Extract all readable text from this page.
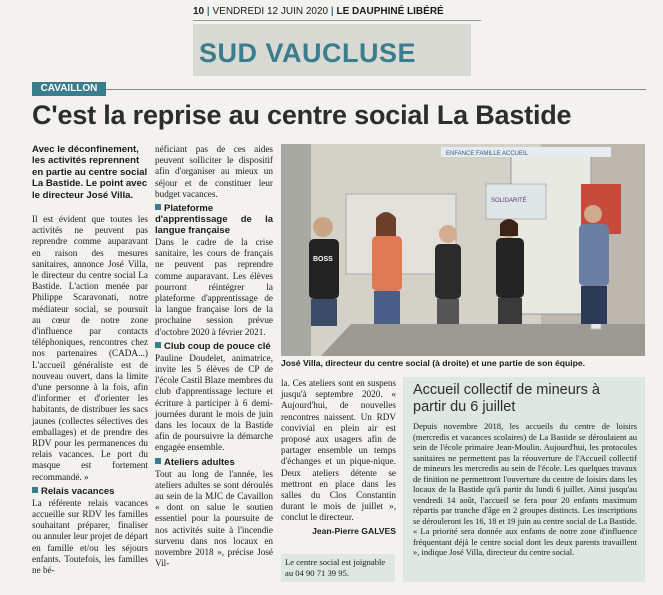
10 | VENDREDI 12 JUIN 2020 | LE DAUPHINÉ LIBÉRÉ
SUD VAUCLUSE
CAVAILLON
C'est la reprise au centre social La Bastide
Avec le déconfinement, les activités reprennent en partie au centre social La Bastide. Le point avec le directeur José Villa.

Il est évident que toutes les activités ne peuvent pas reprendre comme auparavant en raison des mesures sanitaires, annonce José Villa, le directeur du centre social La Bastide. L'action menée par Philippe Scaravonati, notre médiateur social, se poursuit au cœur de notre zone d'influence par contacts téléphoniques, rencontres chez nos partenaires (CADA...) L'accueil généraliste est de nouveau ouvert, dans la limite d'une personne à la fois, afin d'informer et d'orienter les habitants, de distribuer les sacs jaunes (collectes sélectives des emballages) et de prendre des RDV pour les permanences du relais vacances. Le port du masque est fortement recommandé. »

Relais vacances

La référente relais vacances accueille sur RDV les familles souhaitant préparer, finaliser ou annuler leur projet de départ en famille et/ou les séjours enfants. Toutefois, les familles ne bé-

néficiant pas de ces aides peuvent solliciter le dispositif afin d'organiser au mieux un séjour et de constituer leur budget vacances.

Plateforme d'apprentissage de la langue française

Dans le cadre de la crise sanitaire, les cours de français ne peuvent pas reprendre comme auparavant. Les élèves pourront réintégrer la plateforme d'apprentissage de la langue française lors de la prochaine session prévue d'octobre 2020 à février 2021.

Club coup de pouce clé

Pauline Doudelet, animatrice, invite les 5 élèves de CP de l'école Castil Blaze membres du club d'apprentissage lecture et écriture à participer à 6 demi-journées durant le mois de juin dans les locaux de la Bastide afin de poursuivre la démarche engagée ensemble.

Ateliers adultes

Tout au long de l'année, les ateliers adultes se sont déroulés au sein de la MJC de Cavaillon « dont on salue le soutien essentiel pour la poursuite de nos activités suite à l'incendie survenu dans nos locaux en novembre 2018 », précise José Vil-

ENFANCE FAMILLE ACCUEIL
SOLIDARITÉ
BOSS
José Villa, directeur du centre social (à droite) et une partie de son équipe.

la. Ces ateliers sont en suspens jusqu'à septembre 2020. « Aujourd'hui, de nouvelles rencontres naissent. Un RDV convivial en plein air est proposé aux usagers afin de partager ensemble un temps d'échanges et un pique-nique. Deux ateliers détente se mettront en place dans les salles du Clos Constantin durant le mois de juillet », conclut le directeur.

Jean-Pierre GALVES

Le centre social est joignable au 04 90 71 39 95.
Accueil collectif de mineurs à partir du 6 juillet
Depuis novembre 2018, les accueils du centre de loisirs (mercredis et vacances scolaires) de La Bastide se déroulaient au sein de l'école primaire Jean-Moulin. Aujourd'hui, les protocoles sanitaires ne permettent pas la réouverture de l'Accueil collectif de mineurs les mercredis au sein de l'école. Les quelques travaux de finition ne permettront l'ouverture du centre de loisirs dans les locaux de la Bastide qu'à partir du lundi 6 juillet. Ainsi jusqu'au vendredi 14 août, l'accueil se fera pour 20 enfants maximum répartis par tranche d'âge en 2 groupes distincts. Les inscriptions se dérouleront les 16, 18 et 19 juin au centre social de La Bastide. « La priorité sera donnée aux enfants de notre zone d'influence fréquentant déjà le centre social dont les deux parents travaillent », indique José Villa, directeur du centre social.
